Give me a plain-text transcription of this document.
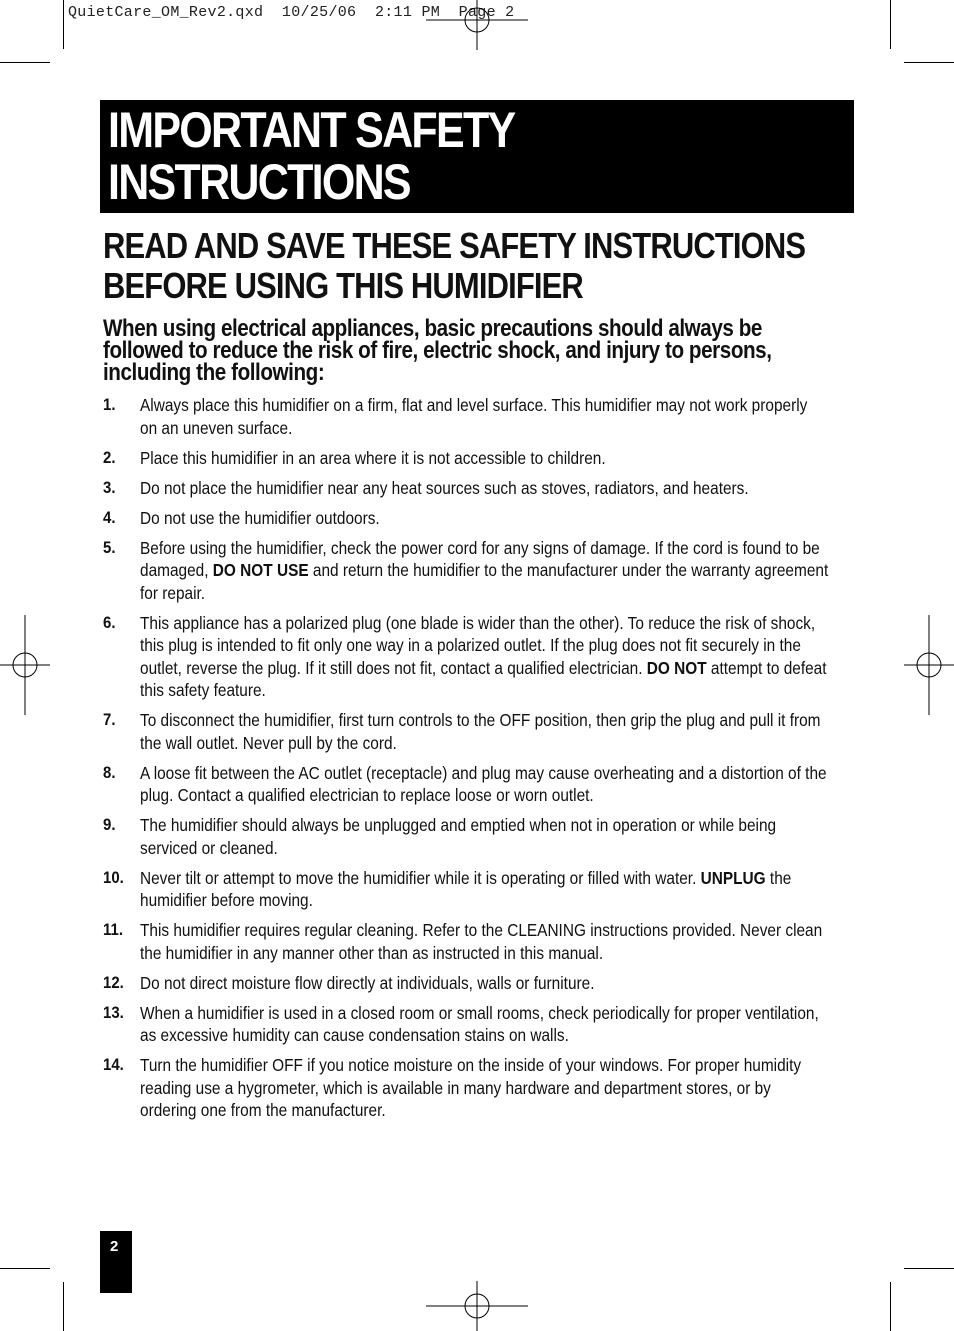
QuietCare_OM_Rev2.qxd  10/25/06  2:11 PM  Page 2
IMPORTANT SAFETY
INSTRUCTIONS
READ AND SAVE THESE SAFETY INSTRUCTIONS
BEFORE USING THIS HUMIDIFIER
When using electrical appliances, basic precautions should always be
followed to reduce the risk of fire, electric shock, and injury to persons,
including the following:
1. Always place this humidifier on a firm, flat and level surface. This humidifier may not work properly
on an uneven surface.
2. Place this humidifier in an area where it is not accessible to children.
3. Do not place the humidifier near any heat sources such as stoves, radiators, and heaters.
4. Do not use the humidifier outdoors.
5. Before using the humidifier, check the power cord for any signs of damage. If the cord is found to be
damaged, DO NOT USE and return the humidifier to the manufacturer under the warranty agreement
for repair.
6. This appliance has a polarized plug (one blade is wider than the other). To reduce the risk of shock,
this plug is intended to fit only one way in a polarized outlet. If the plug does not fit securely in the
outlet, reverse the plug. If it still does not fit, contact a qualified electrician. DO NOT attempt to defeat
this safety feature.
7. To disconnect the humidifier, first turn controls to the OFF position, then grip the plug and pull it from
the wall outlet. Never pull by the cord.
8. A loose fit between the AC outlet (receptacle) and plug may cause overheating and a distortion of the
plug. Contact a qualified electrician to replace loose or worn outlet.
9. The humidifier should always be unplugged and emptied when not in operation or while being
serviced or cleaned.
10. Never tilt or attempt to move the humidifier while it is operating or filled with water. UNPLUG the
humidifier before moving.
11. This humidifier requires regular cleaning. Refer to the CLEANING instructions provided. Never clean
the humidifier in any manner other than as instructed in this manual.
12. Do not direct moisture flow directly at individuals, walls or furniture.
13. When a humidifier is used in a closed room or small rooms, check periodically for proper ventilation,
as excessive humidity can cause condensation stains on walls.
14. Turn the humidifier OFF if you notice moisture on the inside of your windows. For proper humidity
reading use a hygrometer, which is available in many hardware and department stores, or by
ordering one from the manufacturer.
2
